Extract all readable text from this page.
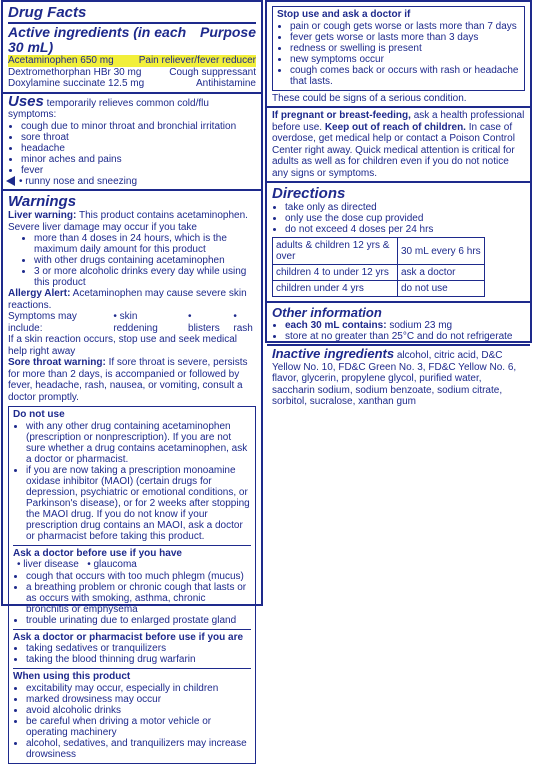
Drug Facts
Active ingredients (in each 30 mL)
Purpose
Acetaminophen 650 mg	Pain reliever/fever reducer
Dextromethorphan HBr 30 mg	Cough suppressant
Doxylamine succinate 12.5 mg	Antihistamine
Uses temporarily relieves common cold/flu symptoms:
• cough due to minor throat and bronchial irritation
• sore throat
• headache
• minor aches and pains
• fever
• runny nose and sneezing
Warnings
Liver warning: This product contains acetaminophen.
Severe liver damage may occur if you take
• more than 4 doses in 24 hours, which is the maximum daily amount for this product
• with other drugs containing acetaminophen
• 3 or more alcoholic drinks every day while using this product
Allergy Alert: Acetaminophen may cause severe skin reactions.
Symptoms may include:
• skin reddening
• blisters
• rash
If a skin reaction occurs, stop use and seek medical help right away
Sore throat warning: If sore throat is severe, persists for more than 2 days, is accompanied or followed by fever, headache, rash, nausea, or vomiting, consult a doctor promptly.
Do not use
• with any other drug containing acetaminophen (prescription or nonprescription). If you are not sure whether a drug contains acetaminophen, ask a doctor or pharmacist.
• if you are now taking a prescription monoamine oxidase inhibitor (MAOI) (certain drugs for depression, psychiatric or emotional conditions, or Parkinson's disease), or for 2 weeks after stopping the MAOI drug. If you do not know if your prescription drug contains an MAOI, ask a doctor or pharmacist before taking this product.
Ask a doctor before use if you have
• liver disease   • glaucoma
• cough that occurs with too much phlegm (mucus)
• a breathing problem or chronic cough that lasts or as occurs with smoking, asthma, chronic bronchitis or emphysema
• trouble urinating due to enlarged prostate gland
Ask a doctor or pharmacist before use if you are
• taking sedatives or tranquilizers
• taking the blood thinning drug warfarin
When using this product
• excitability may occur, especially in children
• marked drowsiness may occur
• avoid alcoholic drinks
• be careful when driving a motor vehicle or operating machinery
• alcohol, sedatives, and tranquilizers may increase drowsiness
Stop use and ask a doctor if
• pain or cough gets worse or lasts more than 7 days
• fever gets worse or lasts more than 3 days
• redness or swelling is present
• new symptoms occur
• cough comes back or occurs with rash or headache that lasts.
These could be signs of a serious condition.
If pregnant or breast-feeding, ask a health professional before use. Keep out of reach of children. In case of overdose, get medical help or contact a Poison Control Center right away. Quick medical attention is critical for adults as well as for children even if you do not notice any signs or symptoms.
Directions
• take only as directed
• only use the dose cup provided
• do not exceed 4 doses per 24 hrs
adults & children 12 yrs & over	30 mL every 6 hrs
children 4 to under 12 yrs	ask a doctor
children under 4 yrs	do not use
Other information
• each 30 mL contains: sodium 23 mg
• store at no greater than 25°C and do not refrigerate
Inactive ingredients alcohol, citric acid, D&C Yellow No. 10, FD&C Green No. 3, FD&C Yellow No. 6, flavor, glycerin, propylene glycol, purified water, saccharin sodium, sodium benzoate, sodium citrate, sorbitol, sucralose, xanthan gum
